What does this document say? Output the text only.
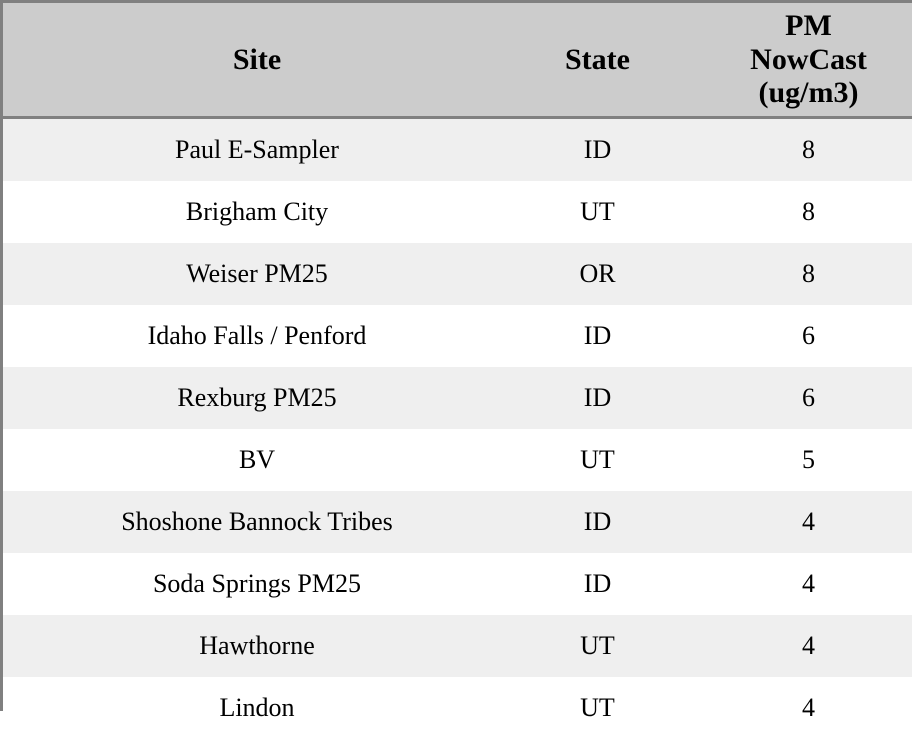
Site	State	PM
NowCast
(ug/m3)

Paul E-Sampler	ID	8
Brigham City	UT	8
Weiser PM25	OR	8
Idaho Falls / Penford	ID	6
Rexburg PM25	ID	6
BV	UT	5
Shoshone Bannock Tribes	ID	4
Soda Springs PM25	ID	4
Hawthorne	UT	4
Lindon	UT	4
